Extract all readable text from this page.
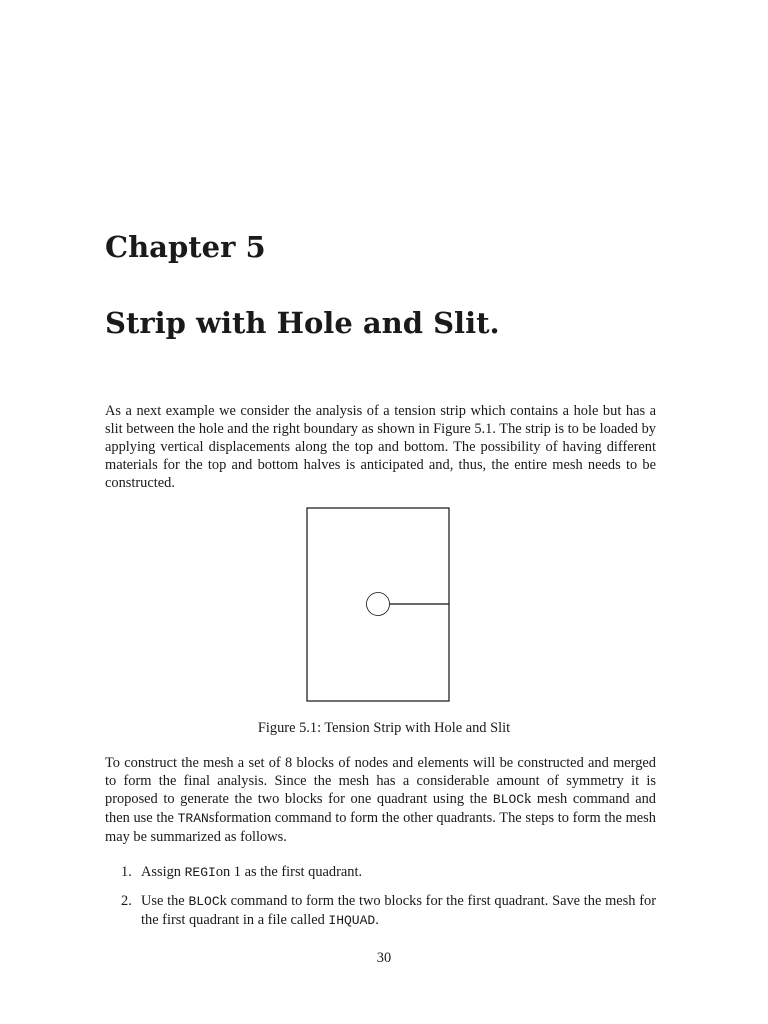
Chapter 5
Strip with Hole and Slit.

As a next example we consider the analysis of a tension strip which contains a hole but has a slit between the hole and the right boundary as shown in Figure 5.1. The strip is to be loaded by applying vertical displacements along the top and bottom. The possibility of having different materials for the top and bottom halves is anticipated and, thus, the entire mesh needs to be constructed.

Figure 5.1: Tension Strip with Hole and Slit

To construct the mesh a set of 8 blocks of nodes and elements will be constructed and merged to form the final analysis. Since the mesh has a considerable amount of symmetry it is proposed to generate the two blocks for one quadrant using the BLOCk mesh command and then use the TRANsformation command to form the other quadrants. The steps to form the mesh may be summarized as follows.

1. Assign REGIon 1 as the first quadrant.
2. Use the BLOCk command to form the two blocks for the first quadrant. Save the mesh for the first quadrant in a file called IHQUAD.
30
